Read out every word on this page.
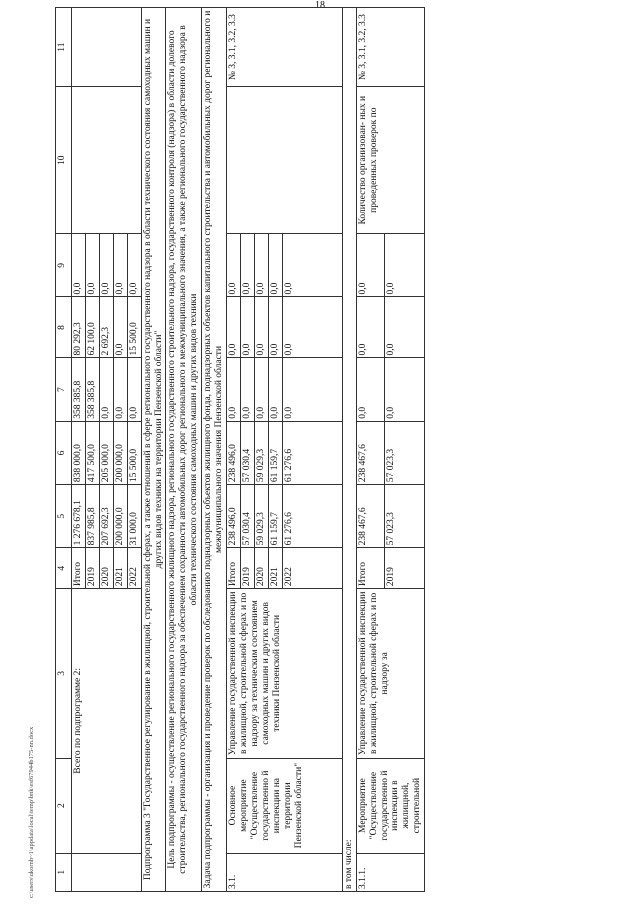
18
c:\users\ukornb~1\appdata\local\temp\bnk\esf67944b175-nn.docx 1	2	3	4	5	6	7	8	9	10	11
	Всего по подпрограмме 2:		Итого	1 276 678,1	838 000,0	358 385,8	80 292,3	0,0		
			2019	837 985,8	417 500,0	358 385,8	62 100,0	0,0		
			2020	207 692,3	205 000,0	0,0	2 692,3	0,0		
			2021	200 000,0	200 000,0	0,0	0,0	0,0		
			2022	31 000,0	15 500,0	0,0	15 500,0	0,0		
Подпрограмма 3 "Государственное регулирование в жилищной, строительной сферах, а также отношений в сфере регионального государственного надзора в области технического состояния самоходных машин и других видов техники на территории Пензенской области"										
Цель подпрограммы - осуществление регионального государственного жилищного надзора, регионального государственного строительного надзора, государственного контроля (надзора) в области долевого строительства, регионального государственного надзора за обеспечением сохранности автомобильных дорог регионального и межмуниципального значения, а также регионального государственного надзора в области технического состояния самоходных машин и других видов техники										
Задача подпрограммы - организация и проведение проверок по обследованию поднадзорных объектов жилищного фонда, поднадзорных объектов капитального строительства и автомобильных дорог регионального и межмуниципального значения Пензенской области										
3.1.	Основное мероприятие "Осуществление государственно й инспекции на территории Пензенской области"	Управление государственной инспекции в жилищной, строительной сферах и по надзору за техническим состоянием самоходных машин и других видов техники Пензенской области	Итого	238 496,0	238 496,0	0,0	0,0	0,0		№ 3, 3.1, 3.2, 3.3
			2019	57 030,4	57 030,4	0,0	0,0	0,0		
			2020	59 029,3	59 029,3	0,0	0,0	0,0		
			2021	61 159,7	61 159,7	0,0	0,0	0,0		
			2022	61 276,6	61 276,6	0,0	0,0	0,0		
в том числе:										
3.1.1.	Мероприятие "Осуществление государственно й инспекции в жилищной, строительной	Управление государственной инспекции в жилищной, строительной сферах и по надзору за	Итого	238 467,6	238 467,6	0,0	0,0	0,0	Количество организован- ных и проведенных проверок по	№ 3, 3.1, 3.2, 3.3
			2019	57 023,3	57 023,3	0,0	0,0	0,0		
